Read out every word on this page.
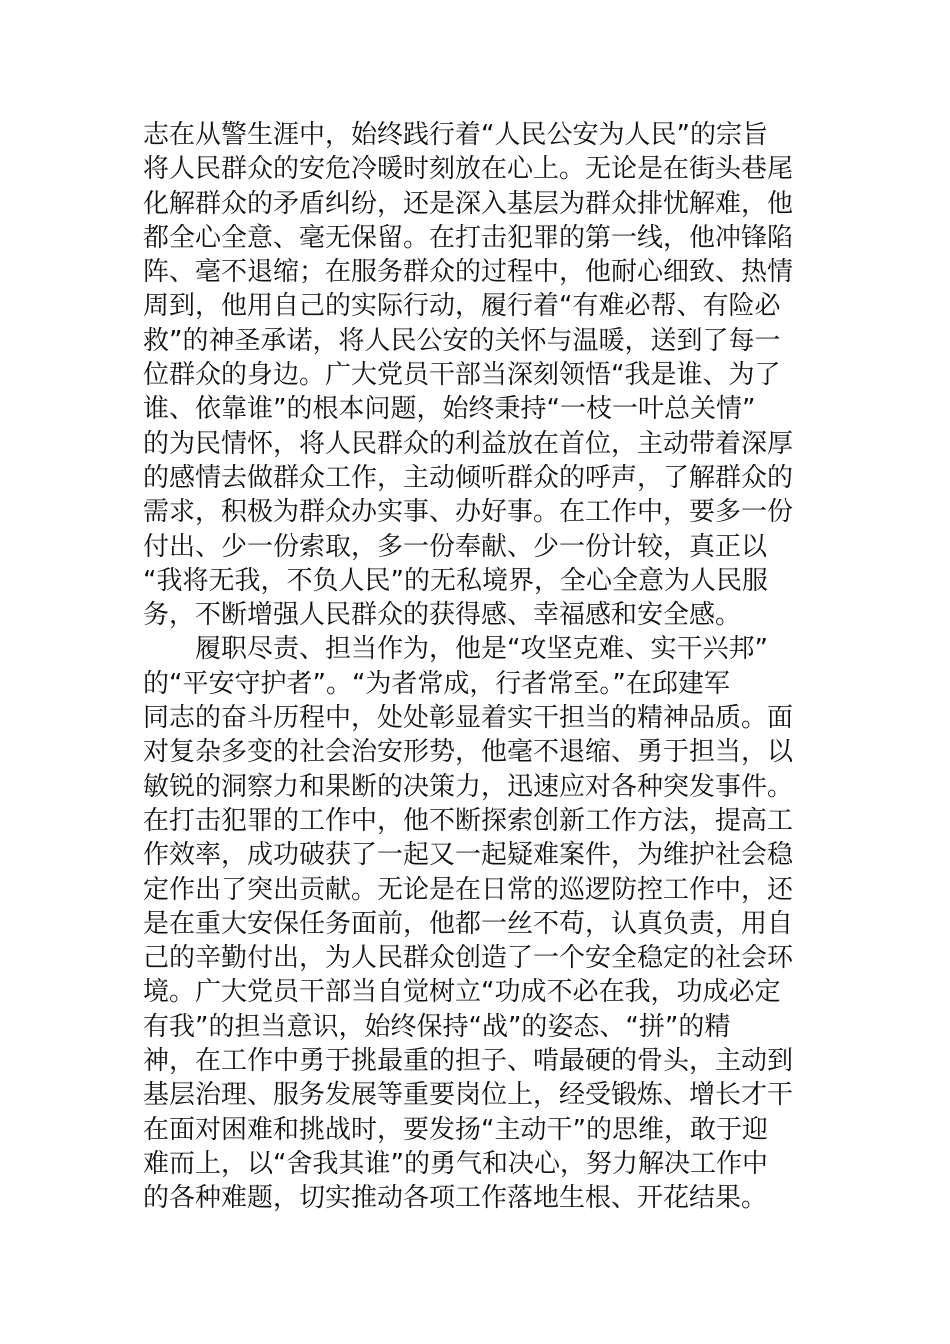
志在从警生涯中，始终践行着“人民公安为人民”的宗旨
将人民群众的安危冷暖时刻放在心上。无论是在街头巷尾
化解群众的矛盾纠纷，还是深入基层为群众排忧解难，他
都全心全意、毫无保留。在打击犯罪的第一线，他冲锋陷
阵、毫不退缩；在服务群众的过程中，他耐心细致、热情
周到，他用自己的实际行动，履行着“有难必帮、有险必
救”的神圣承诺，将人民公安的关怀与温暖，送到了每一
位群众的身边。广大党员干部当深刻领悟“我是谁、为了
谁、依靠谁”的根本问题，始终秉持“一枝一叶总关情”
的为民情怀，将人民群众的利益放在首位，主动带着深厚
的感情去做群众工作，主动倾听群众的呼声，了解群众的
需求，积极为群众办实事、办好事。在工作中，要多一份
付出、少一份索取，多一份奉献、少一份计较，真正以
“我将无我，不负人民”的无私境界，全心全意为人民服
务，不断增强人民群众的获得感、幸福感和安全感。
履职尽责、担当作为，他是“攻坚克难、实干兴邦”
的“平安守护者”。“为者常成，行者常至。”在邱建军
同志的奋斗历程中，处处彰显着实干担当的精神品质。面
对复杂多变的社会治安形势，他毫不退缩、勇于担当，以
敏锐的洞察力和果断的决策力，迅速应对各种突发事件。
在打击犯罪的工作中，他不断探索创新工作方法，提高工
作效率，成功破获了一起又一起疑难案件，为维护社会稳
定作出了突出贡献。无论是在日常的巡逻防控工作中，还
是在重大安保任务面前，他都一丝不苟，认真负责，用自
己的辛勤付出，为人民群众创造了一个安全稳定的社会环
境。广大党员干部当自觉树立“功成不必在我，功成必定
有我”的担当意识，始终保持“战”的姿态、“拼”的精
神，在工作中勇于挑最重的担子、啃最硬的骨头，主动到
基层治理、服务发展等重要岗位上，经受锻炼、增长才干
在面对困难和挑战时，要发扬“主动干”的思维，敢于迎
难而上，以“舍我其谁”的勇气和决心，努力解决工作中
的各种难题，切实推动各项工作落地生根、开花结果。
